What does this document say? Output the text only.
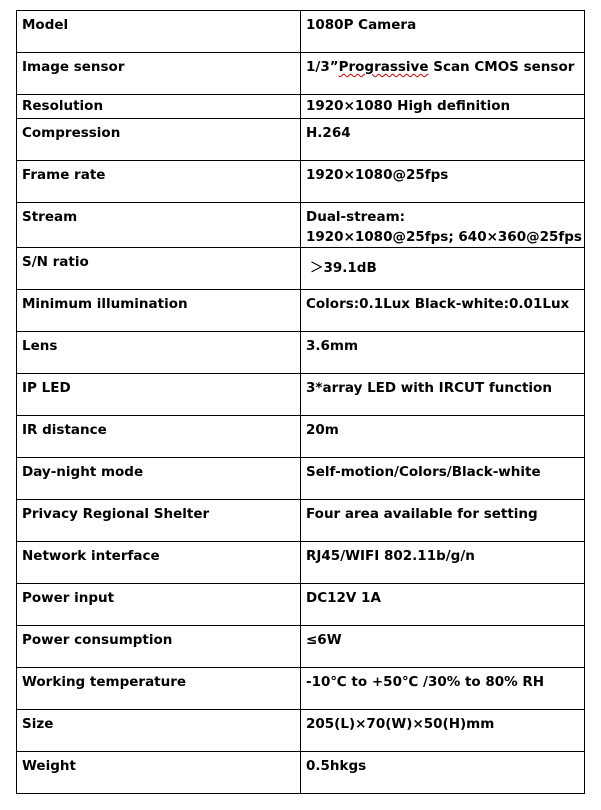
Model	1080P Camera
Image sensor	1/3”Prograssive Scan CMOS sensor
Resolution	1920×1080 High definition
Compression	H.264
Frame rate	1920×1080@25fps
Stream	Dual-stream:
1920×1080@25fps; 640×360@25fps
S/N ratio	＞39.1dB
Minimum illumination	Colors:0.1Lux Black-white:0.01Lux
Lens	3.6mm
IP LED	3*array LED with IRCUT function
IR distance	20m
Day-night mode	Self-motion/Colors/Black-white
Privacy Regional Shelter	Four area available for setting
Network interface	RJ45/WIFI 802.11b/g/n
Power input	DC12V 1A
Power consumption	≤6W
Working temperature	-10℃ to +50℃ /30% to 80% RH
Size	205(L)×70(W)×50(H)mm
Weight	0.5hkgs
